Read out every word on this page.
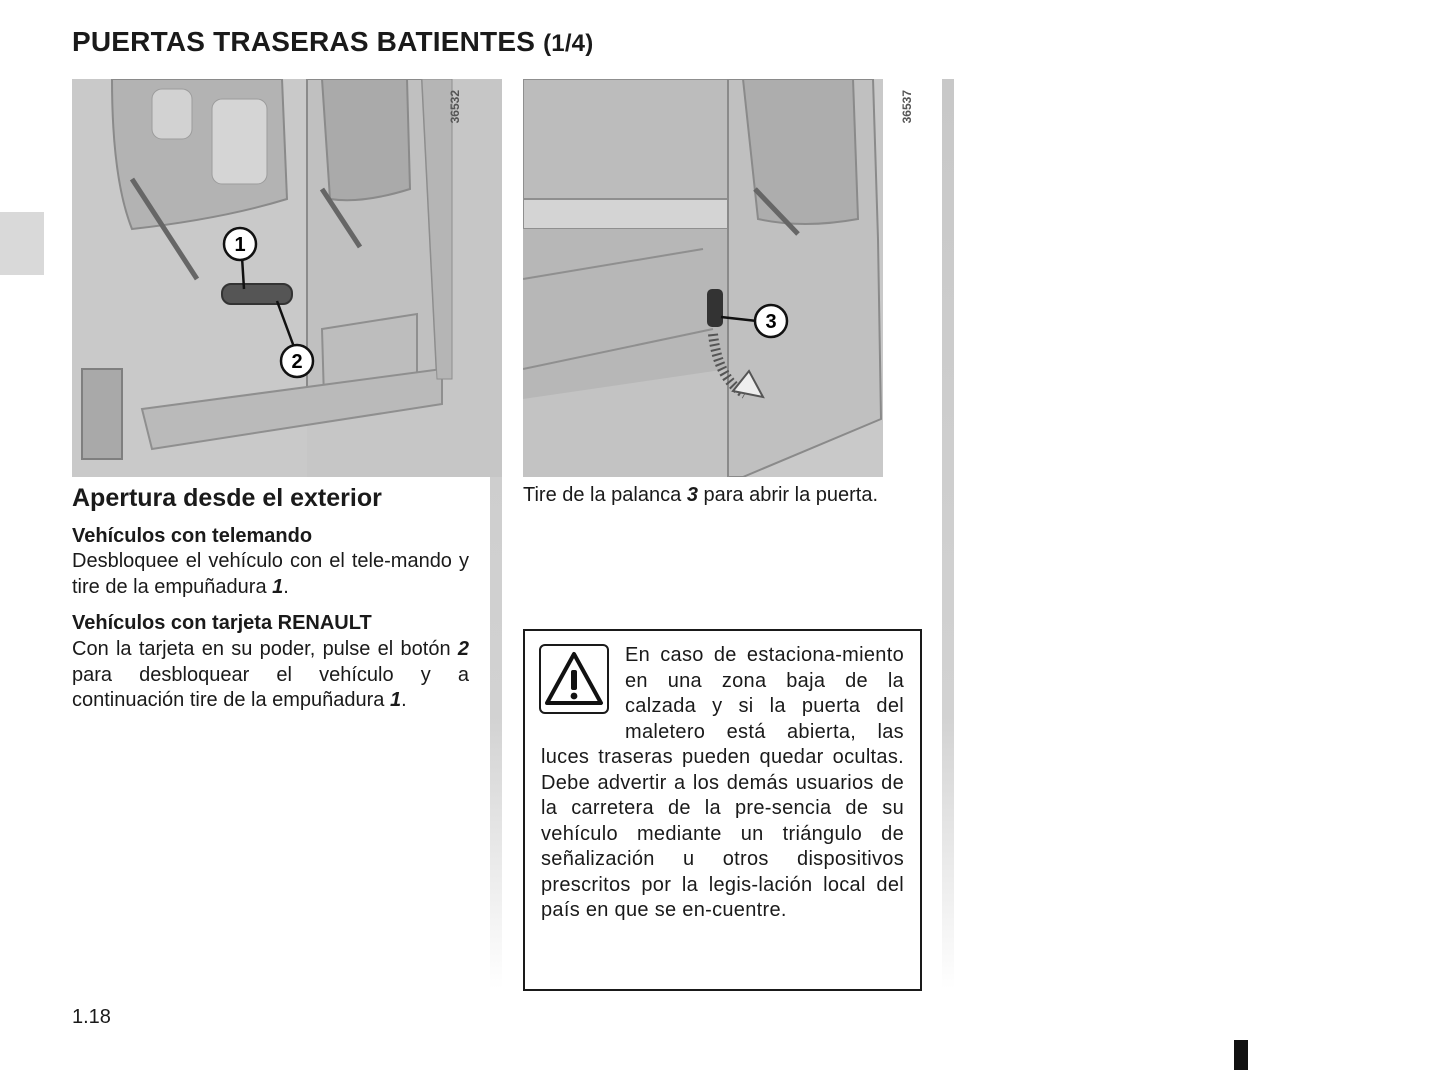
PUERTAS TRASERAS BATIENTES (1/4)
1
2
36532
3
36537
Apertura desde el exterior
Vehículos con telemando
Desbloquee el vehículo con el tele-mando y tire de la empuñadura 1.
Vehículos con tarjeta RENAULT
Con la tarjeta en su poder, pulse el botón 2 para desbloquear el vehículo y a continuación tire de la empuñadura 1.
Tire de la palanca 3 para abrir la puerta.
En caso de estaciona-miento en una zona baja de la calzada y si la puerta del maletero está abierta, las luces traseras pueden quedar ocultas. Debe advertir a los demás usuarios de la carretera de la pre-sencia de su vehículo mediante un triángulo de señalización u otros dispositivos prescritos por la legis-lación local del país en que se en-cuentre.
1.18
